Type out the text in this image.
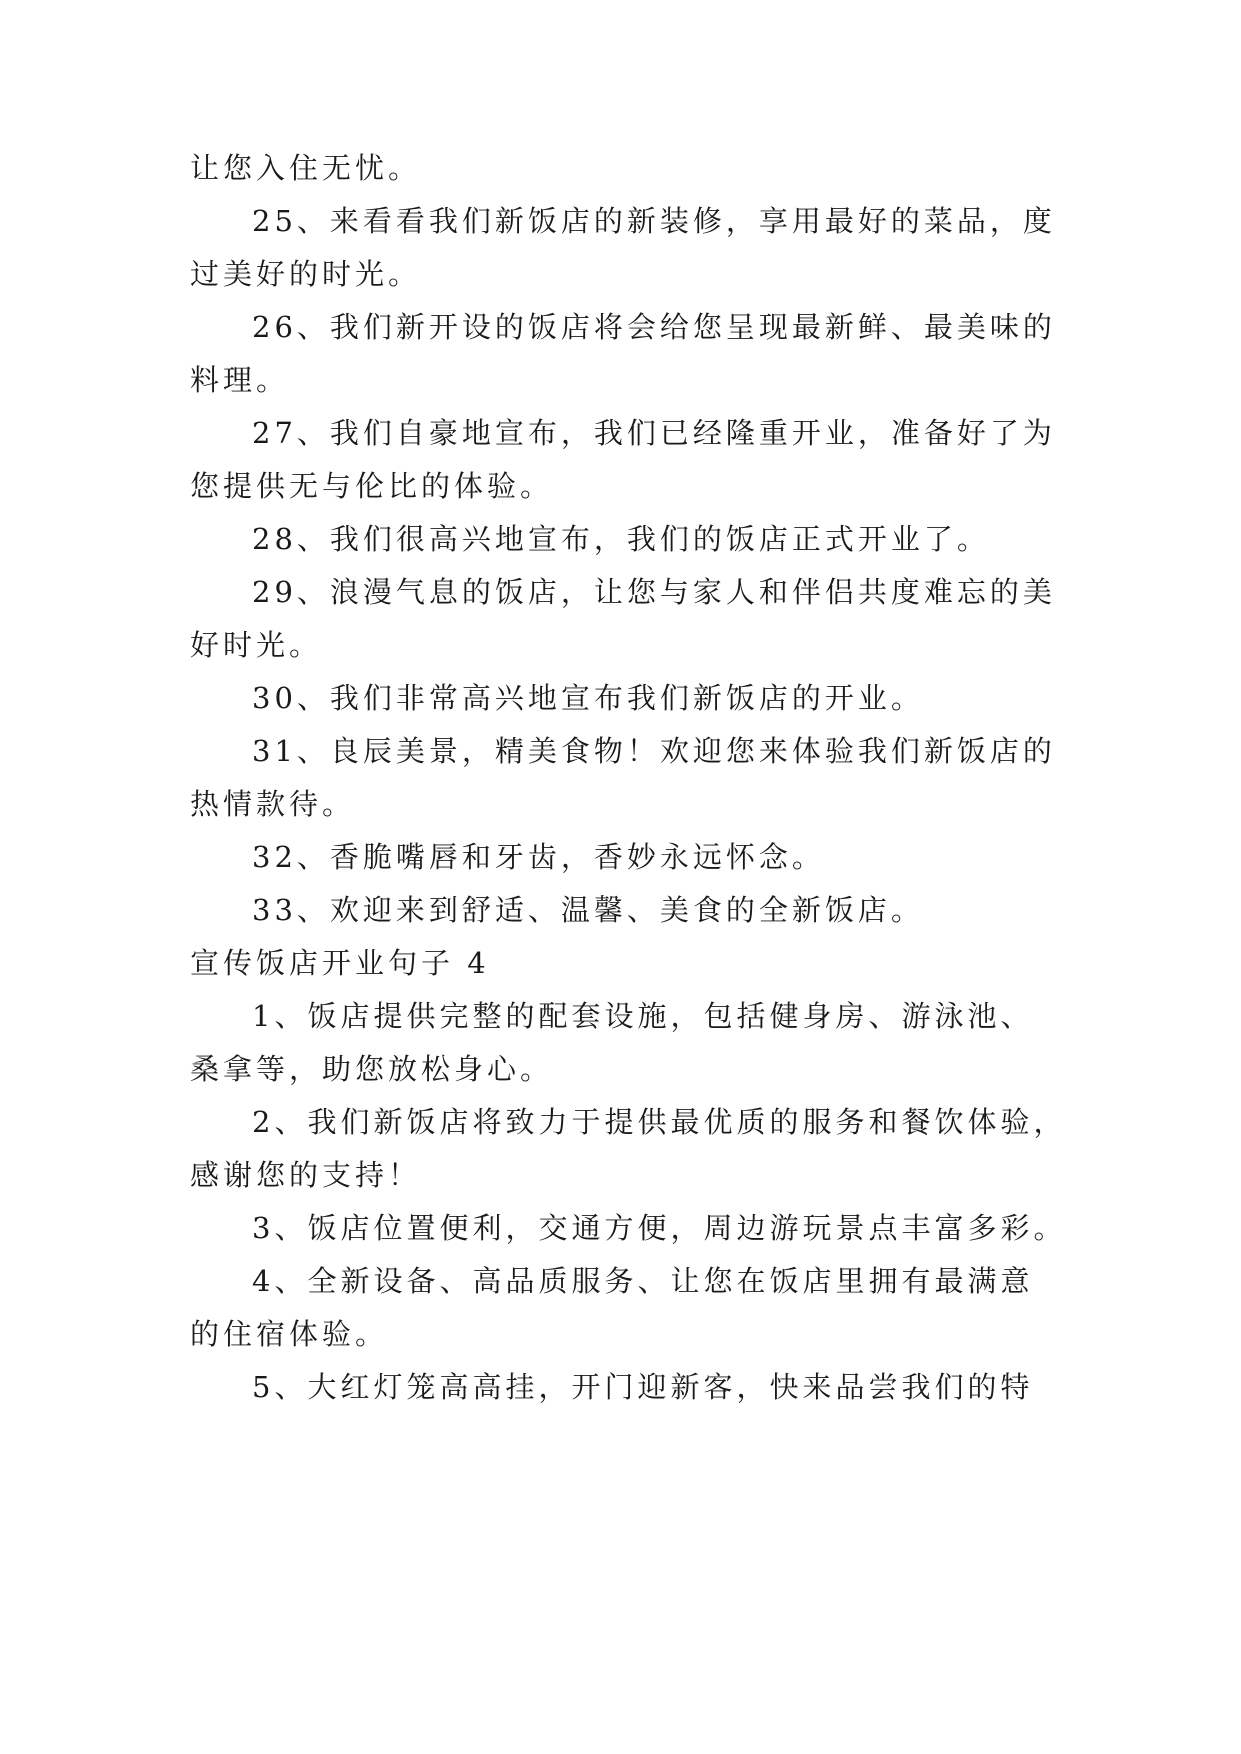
让您入住无忧。
25、来看看我们新饭店的新装修，享用最好的菜品，度
过美好的时光。
26、我们新开设的饭店将会给您呈现最新鲜、最美味的
料理。
27、我们自豪地宣布，我们已经隆重开业，准备好了为
您提供无与伦比的体验。
28、我们很高兴地宣布，我们的饭店正式开业了。
29、浪漫气息的饭店，让您与家人和伴侣共度难忘的美
好时光。
30、我们非常高兴地宣布我们新饭店的开业。
31、良辰美景，精美食物！欢迎您来体验我们新饭店的
热情款待。
32、香脆嘴唇和牙齿，香妙永远怀念。
33、欢迎来到舒适、温馨、美食的全新饭店。
宣传饭店开业句子 4
1、饭店提供完整的配套设施，包括健身房、游泳池、
桑拿等，助您放松身心。
2、我们新饭店将致力于提供最优质的服务和餐饮体验，
感谢您的支持！
3、饭店位置便利，交通方便，周边游玩景点丰富多彩。
4、全新设备、高品质服务、让您在饭店里拥有最满意
的住宿体验。
5、大红灯笼高高挂，开门迎新客，快来品尝我们的特
